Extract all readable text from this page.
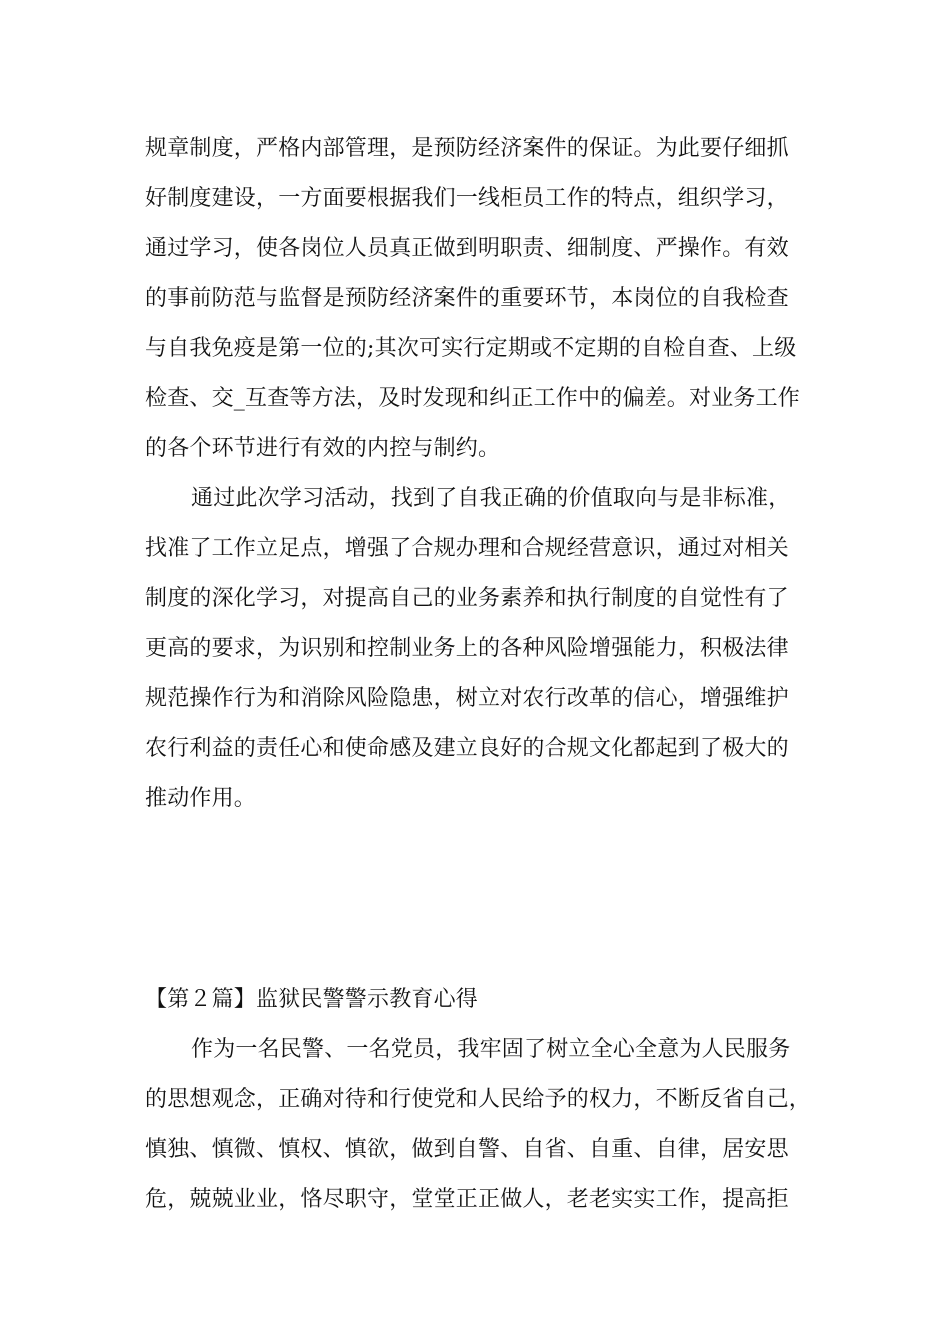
规章制度，严格内部管理，是预防经济案件的保证。为此要仔细抓
好制度建设，一方面要根据我们一线柜员工作的特点，组织学习，
通过学习，使各岗位人员真正做到明职责、细制度、严操作。有效
的事前防范与监督是预防经济案件的重要环节，本岗位的自我检查
与自我免疫是第一位的;其次可实行定期或不定期的自检自查、上级
检查、交_互查等方法，及时发现和纠正工作中的偏差。对业务工作
的各个环节进行有效的内控与制约。
通过此次学习活动，找到了自我正确的价值取向与是非标准，
找准了工作立足点，增强了合规办理和合规经营意识，通过对相关
制度的深化学习，对提高自己的业务素养和执行制度的自觉性有了
更高的要求，为识别和控制业务上的各种风险增强能力，积极法律
规范操作行为和消除风险隐患，树立对农行改革的信心，增强维护
农行利益的责任心和使命感及建立良好的合规文化都起到了极大的
推动作用。
【第２篇】监狱民警警示教育心得
作为一名民警、一名党员，我牢固了树立全心全意为人民服务
的思想观念，正确对待和行使党和人民给予的权力，不断反省自己，
慎独、慎微、慎权、慎欲，做到自警、自省、自重、自律，居安思
危，兢兢业业，恪尽职守，堂堂正正做人，老老实实工作，提高拒
